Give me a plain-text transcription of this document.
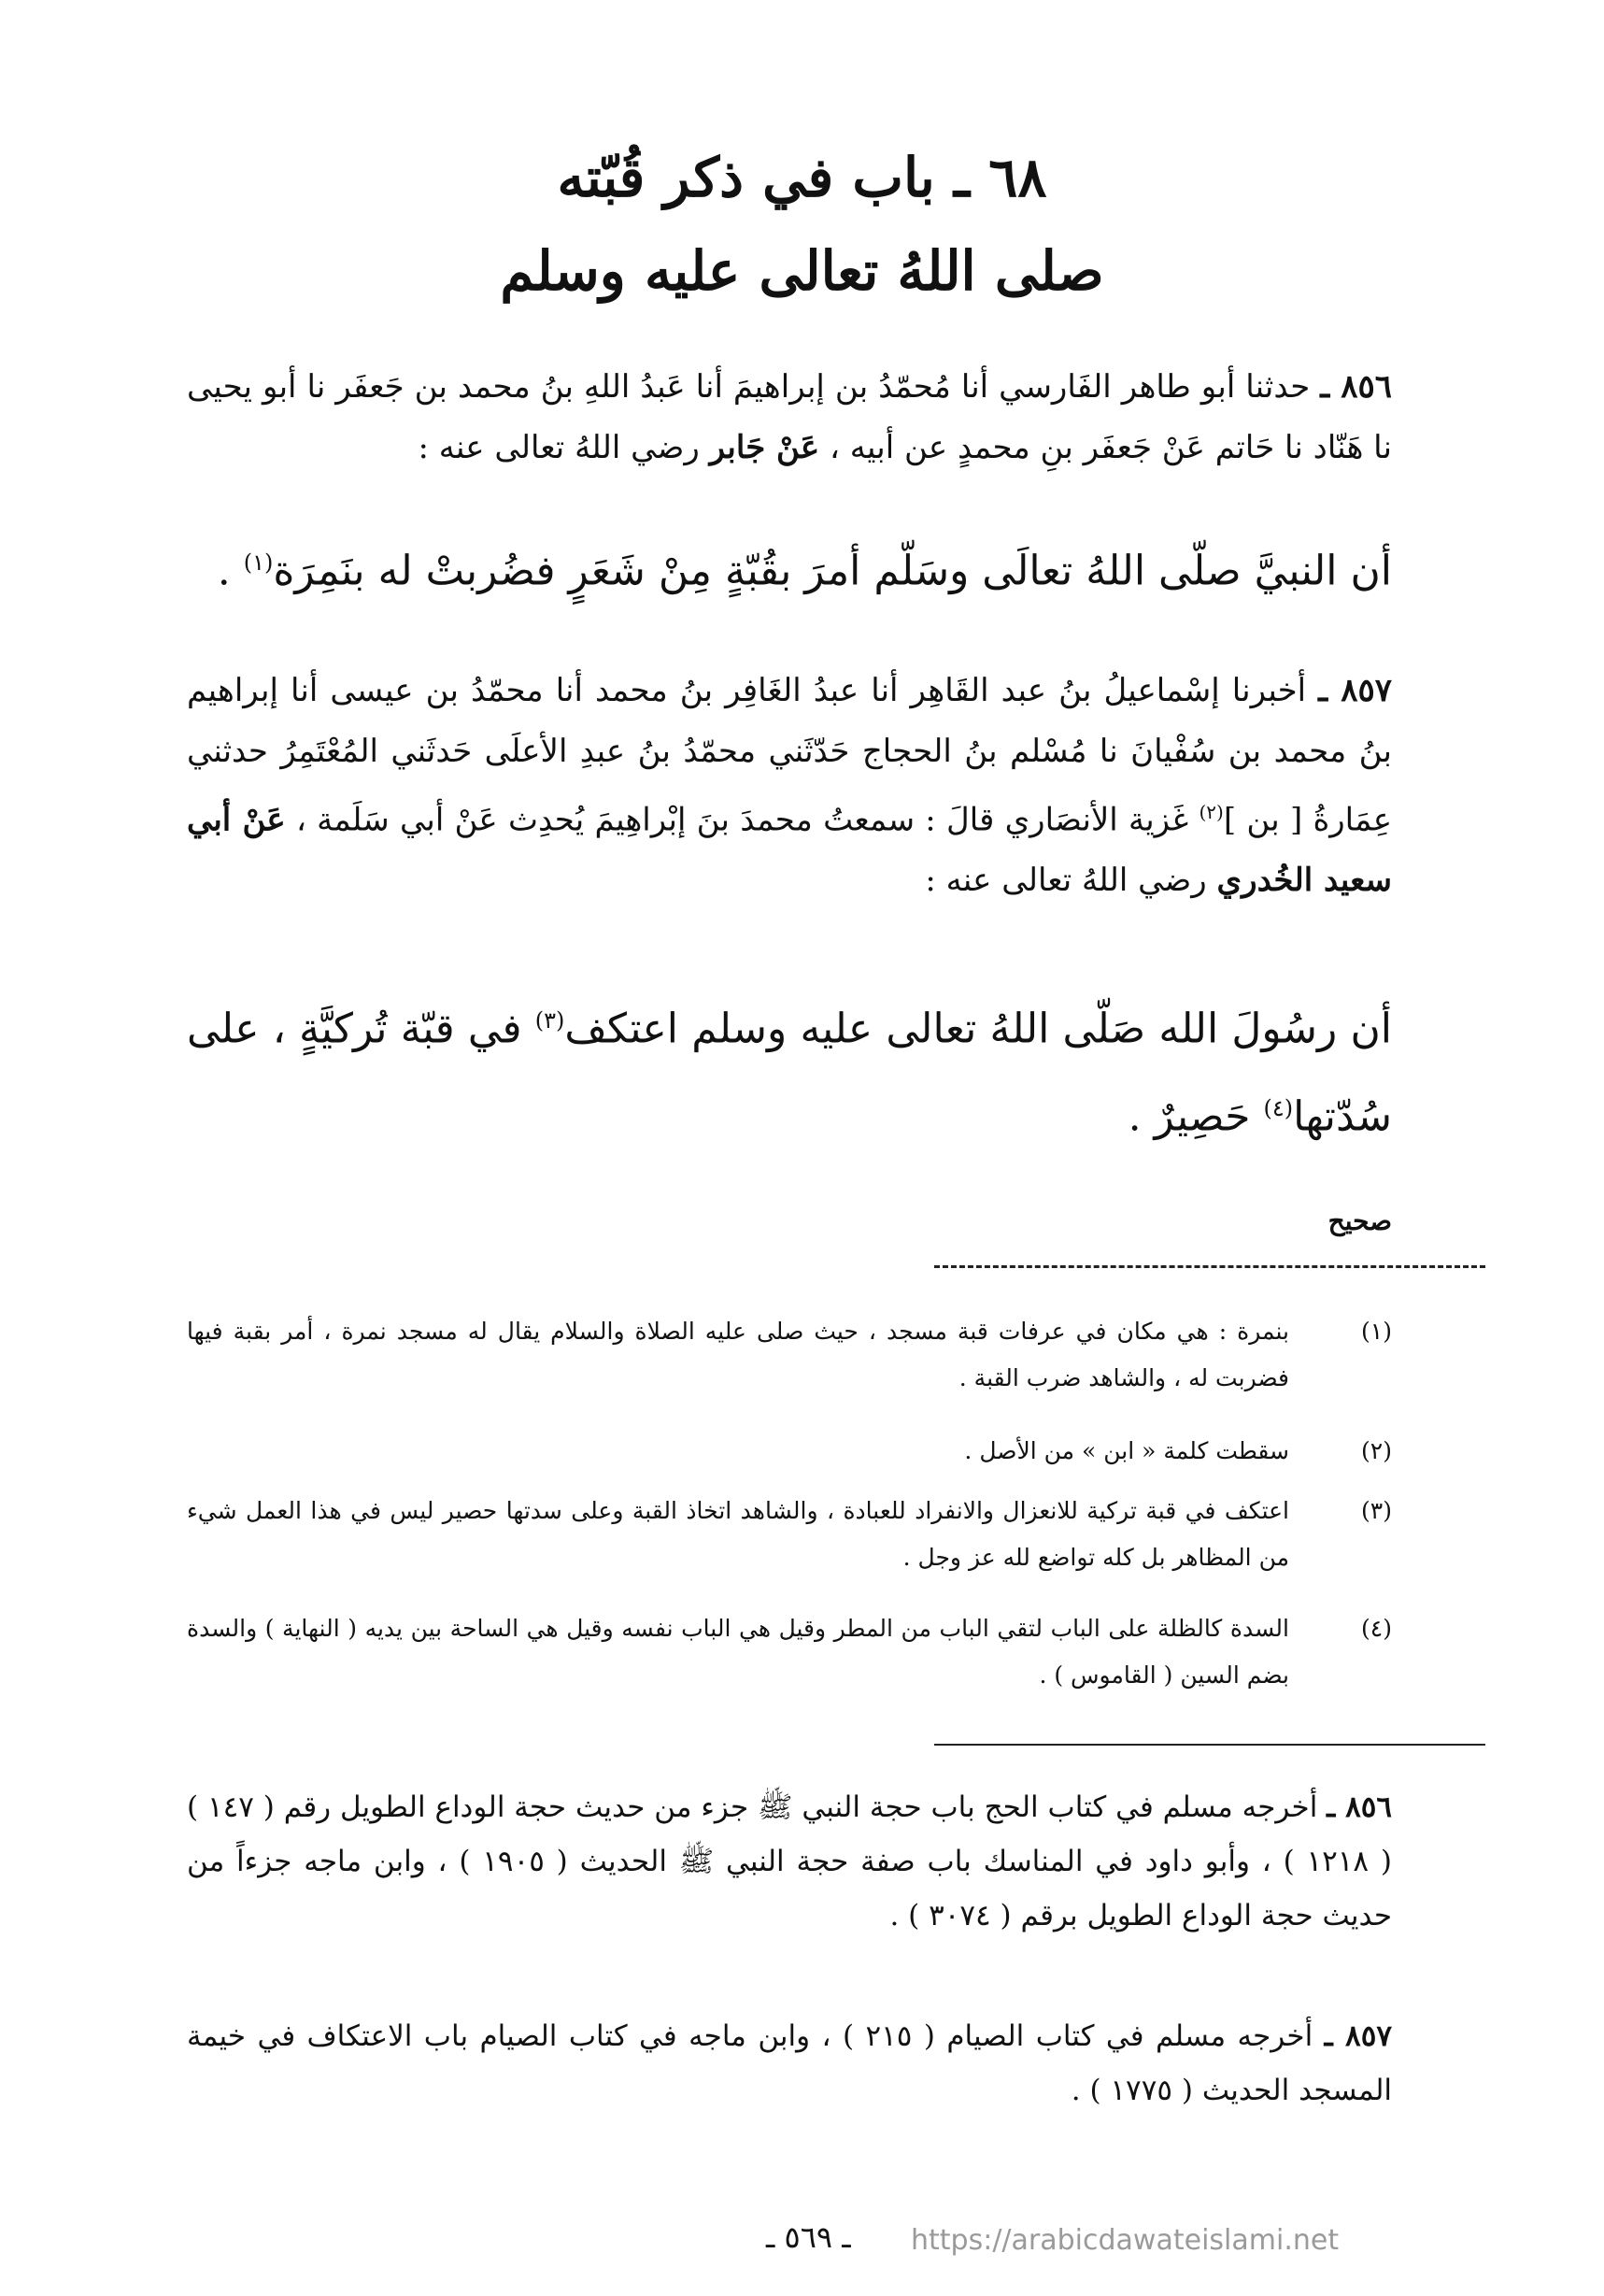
٦٨ ـ باب في ذكر قُبّته
صلى اللهُ تعالى عليه وسلم
٨٥٦ ـ حدثنا أبو طاهر الفَارسي أنا مُحمّدُ بن إبراهيمَ أنا عَبدُ اللهِ بنُ محمد بن جَعفَر نا أبو يحيى نا هَنّاد نا حَاتم عَنْ جَعفَر بنِ محمدٍ عن أبيه ، عَنْ جَابر رضي اللهُ تعالى عنه :
أن النبيَّ صلّى اللهُ تعالَى وسَلّم أمرَ بقُبّةٍ مِنْ شَعَرٍ فضُربتْ له بنَمِرَة$^{(١)}$ .
٨٥٧ ـ أخبرنا إسْماعيلُ بنُ عبد القَاهِر أنا عبدُ الغَافِر بنُ محمد أنا محمّدُ بن عيسى أنا إبراهيم بنُ محمد بن سُفْيانَ نا مُسْلم بنُ الحجاج حَدّثَني محمّدُ بنُ عبدِ الأعلَى حَدثَني المُعْتَمِرُ حدثني عِمَارةُ [ بن ]$^{(٢)}$ غَزية الأنصَاري قالَ : سمعتُ محمدَ بنَ إبْراهِيمَ يُحدِث عَنْ أبي سَلَمة ، عَنْ أبي سعيد الخُدري رضي اللهُ تعالى عنه :
أن رسُولَ الله صَلّى اللهُ تعالى عليه وسلم اعتكف$^{(٣)}$ في قبّة تُركيَّةٍ ، على سُدّتها$^{(٤)}$ حَصِيرٌ .
صحيح
(١)
بنمرة : هي مكان في عرفات قبة مسجد ، حيث صلى عليه الصلاة والسلام يقال له مسجد نمرة ، أمر بقبة فيها فضربت له ، والشاهد ضرب القبة .
(٢)
سقطت كلمة « ابن » من الأصل .
(٣)
اعتكف في قبة تركية للانعزال والانفراد للعبادة ، والشاهد اتخاذ القبة وعلى سدتها حصير ليس في هذا العمل شيء من المظاهر بل كله تواضع لله عز وجل .
(٤)
السدة كالظلة على الباب لتقي الباب من المطر وقيل هي الباب نفسه وقيل هي الساحة بين يديه ( النهاية ) والسدة بضم السين ( القاموس ) .
٨٥٦ ـ أخرجه مسلم في كتاب الحج باب حجة النبي ﷺ جزء من حديث حجة الوداع الطويل رقم ( ١٤٧ ) ( ١٢١٨ ) ، وأبو داود في المناسك باب صفة حجة النبي ﷺ الحديث ( ١٩٠٥ ) ، وابن ماجه جزءاً من حديث حجة الوداع الطويل برقم ( ٣٠٧٤ ) .
٨٥٧ ـ أخرجه مسلم في كتاب الصيام ( ٢١٥ ) ، وابن ماجه في كتاب الصيام باب الاعتكاف في خيمة المسجد الحديث ( ١٧٧٥ ) .
ـ ٥٦٩ ـ https://arabicdawateislami.net
